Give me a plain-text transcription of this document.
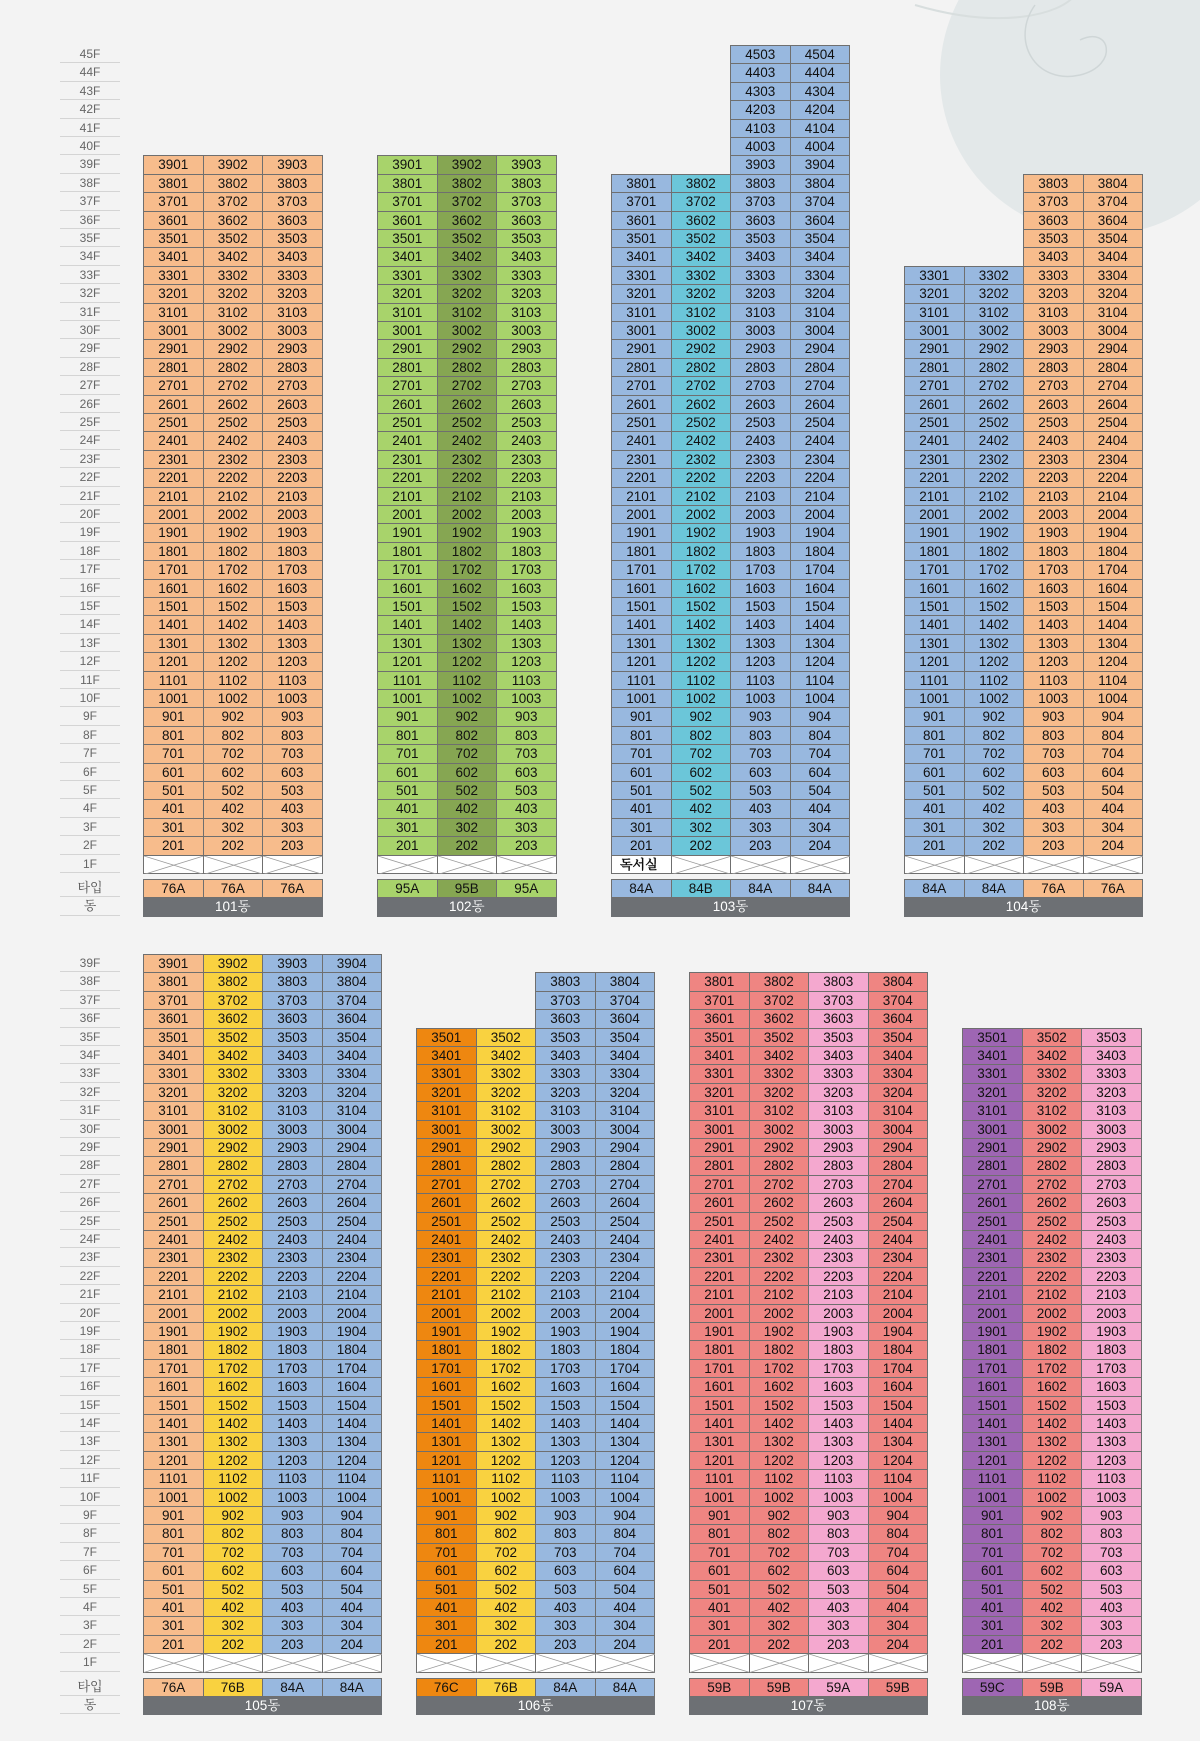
45F
44F
43F
42F
41F
40F
39F
38F
37F
36F
35F
34F
33F
32F
31F
30F
29F
28F
27F
26F
25F
24F
23F
22F
21F
20F
19F
18F
17F
16F
15F
14F
13F
12F
11F
10F
9F
8F
7F
6F
5F
4F
3F
2F
1F
타입
동
201
301
401
501
601
701
801
901
1001
1101
1201
1301
1401
1501
1601
1701
1801
1901
2001
2101
2201
2301
2401
2501
2601
2701
2801
2901
3001
3101
3201
3301
3401
3501
3601
3701
3801
3901
76A
202
302
402
502
602
702
802
902
1002
1102
1202
1302
1402
1502
1602
1702
1802
1902
2002
2102
2202
2302
2402
2502
2602
2702
2802
2902
3002
3102
3202
3302
3402
3502
3602
3702
3802
3902
76A
203
303
403
503
603
703
803
903
1003
1103
1203
1303
1403
1503
1603
1703
1803
1903
2003
2103
2203
2303
2403
2503
2603
2703
2803
2903
3003
3103
3203
3303
3403
3503
3603
3703
3803
3903
76A
101동
201
301
401
501
601
701
801
901
1001
1101
1201
1301
1401
1501
1601
1701
1801
1901
2001
2101
2201
2301
2401
2501
2601
2701
2801
2901
3001
3101
3201
3301
3401
3501
3601
3701
3801
3901
95A
202
302
402
502
602
702
802
902
1002
1102
1202
1302
1402
1502
1602
1702
1802
1902
2002
2102
2202
2302
2402
2502
2602
2702
2802
2902
3002
3102
3202
3302
3402
3502
3602
3702
3802
3902
95B
203
303
403
503
603
703
803
903
1003
1103
1203
1303
1403
1503
1603
1703
1803
1903
2003
2103
2203
2303
2403
2503
2603
2703
2803
2903
3003
3103
3203
3303
3403
3503
3603
3703
3803
3903
95A
102동
201
301
401
501
601
701
801
901
1001
1101
1201
1301
1401
1501
1601
1701
1801
1901
2001
2101
2201
2301
2401
2501
2601
2701
2801
2901
3001
3101
3201
3301
3401
3501
3601
3701
3801
독서실
84A
202
302
402
502
602
702
802
902
1002
1102
1202
1302
1402
1502
1602
1702
1802
1902
2002
2102
2202
2302
2402
2502
2602
2702
2802
2902
3002
3102
3202
3302
3402
3502
3602
3702
3802
84B
203
303
403
503
603
703
803
903
1003
1103
1203
1303
1403
1503
1603
1703
1803
1903
2003
2103
2203
2303
2403
2503
2603
2703
2803
2903
3003
3103
3203
3303
3403
3503
3603
3703
3803
3903
4003
4103
4203
4303
4403
4503
84A
204
304
404
504
604
704
804
904
1004
1104
1204
1304
1404
1504
1604
1704
1804
1904
2004
2104
2204
2304
2404
2504
2604
2704
2804
2904
3004
3104
3204
3304
3404
3504
3604
3704
3804
3904
4004
4104
4204
4304
4404
4504
84A
103동
201
301
401
501
601
701
801
901
1001
1101
1201
1301
1401
1501
1601
1701
1801
1901
2001
2101
2201
2301
2401
2501
2601
2701
2801
2901
3001
3101
3201
3301
84A
202
302
402
502
602
702
802
902
1002
1102
1202
1302
1402
1502
1602
1702
1802
1902
2002
2102
2202
2302
2402
2502
2602
2702
2802
2902
3002
3102
3202
3302
84A
203
303
403
503
603
703
803
903
1003
1103
1203
1303
1403
1503
1603
1703
1803
1903
2003
2103
2203
2303
2403
2503
2603
2703
2803
2903
3003
3103
3203
3303
3403
3503
3603
3703
3803
76A
204
304
404
504
604
704
804
904
1004
1104
1204
1304
1404
1504
1604
1704
1804
1904
2004
2104
2204
2304
2404
2504
2604
2704
2804
2904
3004
3104
3204
3304
3404
3504
3604
3704
3804
76A
104동
39F
38F
37F
36F
35F
34F
33F
32F
31F
30F
29F
28F
27F
26F
25F
24F
23F
22F
21F
20F
19F
18F
17F
16F
15F
14F
13F
12F
11F
10F
9F
8F
7F
6F
5F
4F
3F
2F
1F
타입
동
201
301
401
501
601
701
801
901
1001
1101
1201
1301
1401
1501
1601
1701
1801
1901
2001
2101
2201
2301
2401
2501
2601
2701
2801
2901
3001
3101
3201
3301
3401
3501
3601
3701
3801
3901
76A
202
302
402
502
602
702
802
902
1002
1102
1202
1302
1402
1502
1602
1702
1802
1902
2002
2102
2202
2302
2402
2502
2602
2702
2802
2902
3002
3102
3202
3302
3402
3502
3602
3702
3802
3902
76B
203
303
403
503
603
703
803
903
1003
1103
1203
1303
1403
1503
1603
1703
1803
1903
2003
2103
2203
2303
2403
2503
2603
2703
2803
2903
3003
3103
3203
3303
3403
3503
3603
3703
3803
3903
84A
204
304
404
504
604
704
804
904
1004
1104
1204
1304
1404
1504
1604
1704
1804
1904
2004
2104
2204
2304
2404
2504
2604
2704
2804
2904
3004
3104
3204
3304
3404
3504
3604
3704
3804
3904
84A
105동
201
301
401
501
601
701
801
901
1001
1101
1201
1301
1401
1501
1601
1701
1801
1901
2001
2101
2201
2301
2401
2501
2601
2701
2801
2901
3001
3101
3201
3301
3401
3501
76C
202
302
402
502
602
702
802
902
1002
1102
1202
1302
1402
1502
1602
1702
1802
1902
2002
2102
2202
2302
2402
2502
2602
2702
2802
2902
3002
3102
3202
3302
3402
3502
76B
203
303
403
503
603
703
803
903
1003
1103
1203
1303
1403
1503
1603
1703
1803
1903
2003
2103
2203
2303
2403
2503
2603
2703
2803
2903
3003
3103
3203
3303
3403
3503
3603
3703
3803
84A
204
304
404
504
604
704
804
904
1004
1104
1204
1304
1404
1504
1604
1704
1804
1904
2004
2104
2204
2304
2404
2504
2604
2704
2804
2904
3004
3104
3204
3304
3404
3504
3604
3704
3804
84A
106동
201
301
401
501
601
701
801
901
1001
1101
1201
1301
1401
1501
1601
1701
1801
1901
2001
2101
2201
2301
2401
2501
2601
2701
2801
2901
3001
3101
3201
3301
3401
3501
3601
3701
3801
59B
202
302
402
502
602
702
802
902
1002
1102
1202
1302
1402
1502
1602
1702
1802
1902
2002
2102
2202
2302
2402
2502
2602
2702
2802
2902
3002
3102
3202
3302
3402
3502
3602
3702
3802
59B
203
303
403
503
603
703
803
903
1003
1103
1203
1303
1403
1503
1603
1703
1803
1903
2003
2103
2203
2303
2403
2503
2603
2703
2803
2903
3003
3103
3203
3303
3403
3503
3603
3703
3803
59A
204
304
404
504
604
704
804
904
1004
1104
1204
1304
1404
1504
1604
1704
1804
1904
2004
2104
2204
2304
2404
2504
2604
2704
2804
2904
3004
3104
3204
3304
3404
3504
3604
3704
3804
59B
107동
201
301
401
501
601
701
801
901
1001
1101
1201
1301
1401
1501
1601
1701
1801
1901
2001
2101
2201
2301
2401
2501
2601
2701
2801
2901
3001
3101
3201
3301
3401
3501
59C
202
302
402
502
602
702
802
902
1002
1102
1202
1302
1402
1502
1602
1702
1802
1902
2002
2102
2202
2302
2402
2502
2602
2702
2802
2902
3002
3102
3202
3302
3402
3502
59B
203
303
403
503
603
703
803
903
1003
1103
1203
1303
1403
1503
1603
1703
1803
1903
2003
2103
2203
2303
2403
2503
2603
2703
2803
2903
3003
3103
3203
3303
3403
3503
59A
108동
